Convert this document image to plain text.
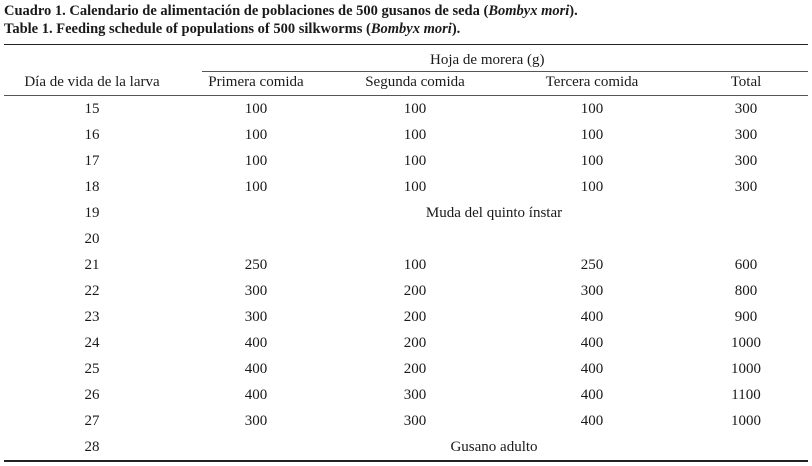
Cuadro 1. Calendario de alimentación de poblaciones de 500 gusanos de seda (Bombyx mori).
Table 1. Feeding schedule of populations of 500 silkworms (Bombyx mori).
Hoja de morera (g)
Día de vida de la larva	Primera comida	Segunda comida	Tercera comida	Total
15	100	100	100	300
16	100	100	100	300
17	100	100	100	300
18	100	100	100	300
19	Muda del quinto ínstar
20
21	250	100	250	600
22	300	200	300	800
23	300	200	400	900
24	400	200	400	1000
25	400	200	400	1000
26	400	300	400	1100
27	300	300	400	1000
28	Gusano adulto
